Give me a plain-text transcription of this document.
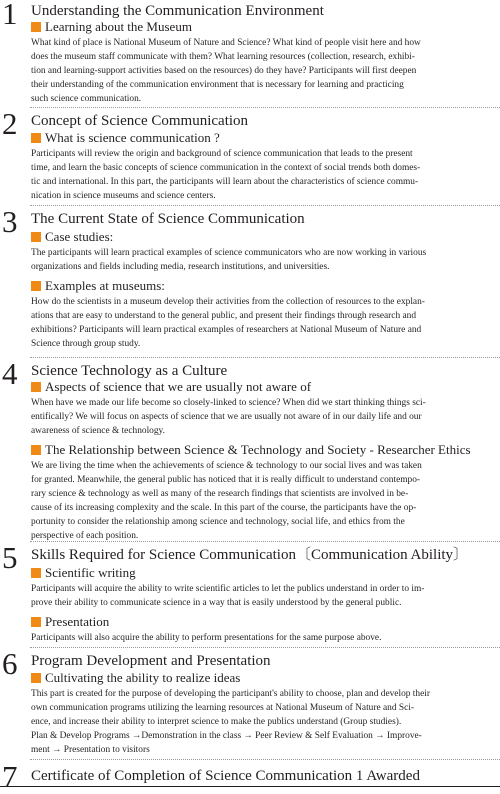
1 Understanding the Communication Environment
Learning about the Museum
What kind of place is National Museum of Nature and Science? What kind of people visit here and how
does the museum staff communicate with them? What learning resources (collection, research, exhibi-
tion and learning-support activities based on the resources) do they have? Participants will first deepen
their understanding of the communication environment that is necessary for learning and practicing
such science communication.
2 Concept of Science Communication
What is science communication ?
Participants will review the origin and background of science communication that leads to the present
time, and learn the basic concepts of science communication in the context of social trends both domes-
tic and international. In this part, the participants will learn about the characteristics of science commu-
nication in science museums and science centers.
3 The Current State of Science Communication
Case studies:
The participants will learn practical examples of science communicators who are now working in various
organizations and fields including media, research institutions, and universities.
Examples at museums:
How do the scientists in a museum develop their activities from the collection of resources to the explan-
ations that are easy to understand to the general public, and present their findings through research and
exhibitions? Participants will learn practical examples of researchers at National Museum of Nature and
Science through group study.
4 Science Technology as a Culture
Aspects of science that we are usually not aware of
When have we made our life become so closely-linked to science? When did we start thinking things sci-
entifically? We will focus on aspects of science that we are usually not aware of in our daily life and our
awareness of science & technology.
The Relationship between Science & Technology and Society - Researcher Ethics
We are living the time when the achievements of science & technology to our social lives and was taken
for granted. Meanwhile, the general public has noticed that it is really difficult to understand contempo-
rary science & technology as well as many of the research findings that scientists are involved in be-
cause of its increasing complexity and the scale. In this part of the course, the participants have the op-
portunity to consider the relationship among science and technology, social life, and ethics from the
perspective of each position.
5 Skills Required for Science Communication〔Communication Ability〕
Scientific writing
Participants will acquire the ability to write scientific articles to let the publics understand in order to im-
prove their ability to communicate science in a way that is easily understood by the general public.
Presentation
Participants will also acquire the ability to perform presentations for the same purpose above.
6 Program Development and Presentation
Cultivating the ability to realize ideas
This part is created for the purpose of developing the participant's ability to choose, plan and develop their
own communication programs utilizing the learning resources at National Museum of Nature and Sci-
ence, and increase their ability to interpret science to make the publics understand (Group studies).
Plan & Develop Programs →Demonstration in the class → Peer Review & Self Evaluation → Improve-
ment → Presentation to visitors
7 Certificate of Completion of Science Communication 1 Awarded
